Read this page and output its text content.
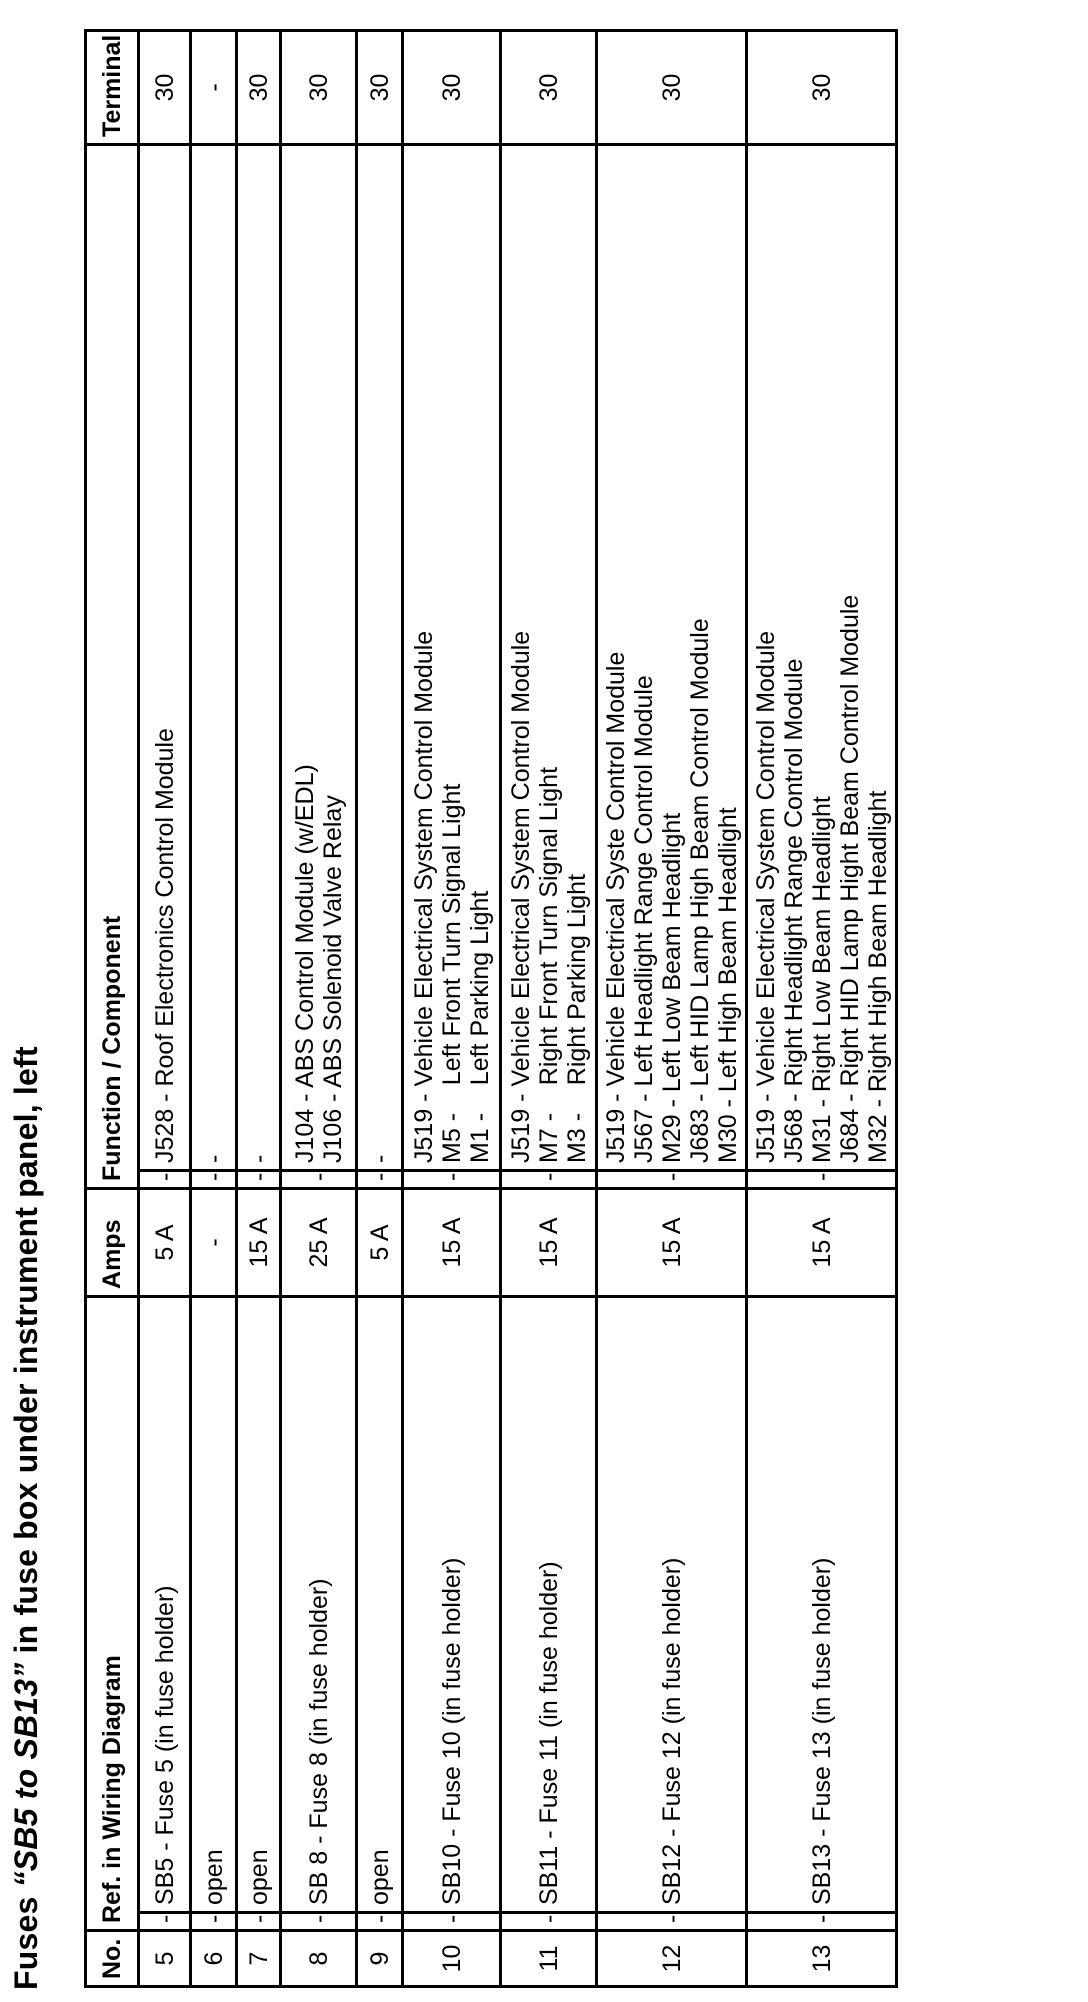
Fuses “SB5 to SB13” in fuse box under instrument panel, left
No.	Ref. in Wiring Diagram		Amps	Function / Component		Terminal
5	-	SB5 - Fuse 5 (in fuse holder)	5 A	-	J528 - Roof Electronics Control Module	30
6	-	open	-	-	-	-
7	-	open	15 A	-	-	30
8	-	SB 8 - Fuse 8 (in fuse holder)	25 A	-	J104 - ABS Control Module (w/EDL) J106 - ABS Solenoid Valve Relay	30
9	-	open	5 A	-	-	30
10	-	SB10 - Fuse 10 (in fuse holder)	15 A	-	J519 - Vehicle Electrical System Control Module M5 -    Left Front Turn Signal Light M1 -    Left Parking Light	30
11	-	SB11 - Fuse 11 (in fuse holder)	15 A	-	J519 - Vehicle Electrical System Control Module M7 -    Right Front Turn Signal Light M3 -    Right Parking Light	30
12	-	SB12 - Fuse 12 (in fuse holder)	15 A	-	J519 - Vehicle Electrical Syste Control Module J567 - Left Headlight Range Control Module M29 - Left Low Beam Headlight J683 - Left HID Lamp High Beam Control Module M30 - Left High Beam Headlight	30
13	-	SB13 - Fuse 13 (in fuse holder)	15 A	-	J519 - Vehicle Electrical System Control Module J568 - Right Headlight Range Control Module M31 - Right Low Beam Headlight J684 - Right HID Lamp Hight Beam Control Module M32 - Right High Beam Headlight	30
